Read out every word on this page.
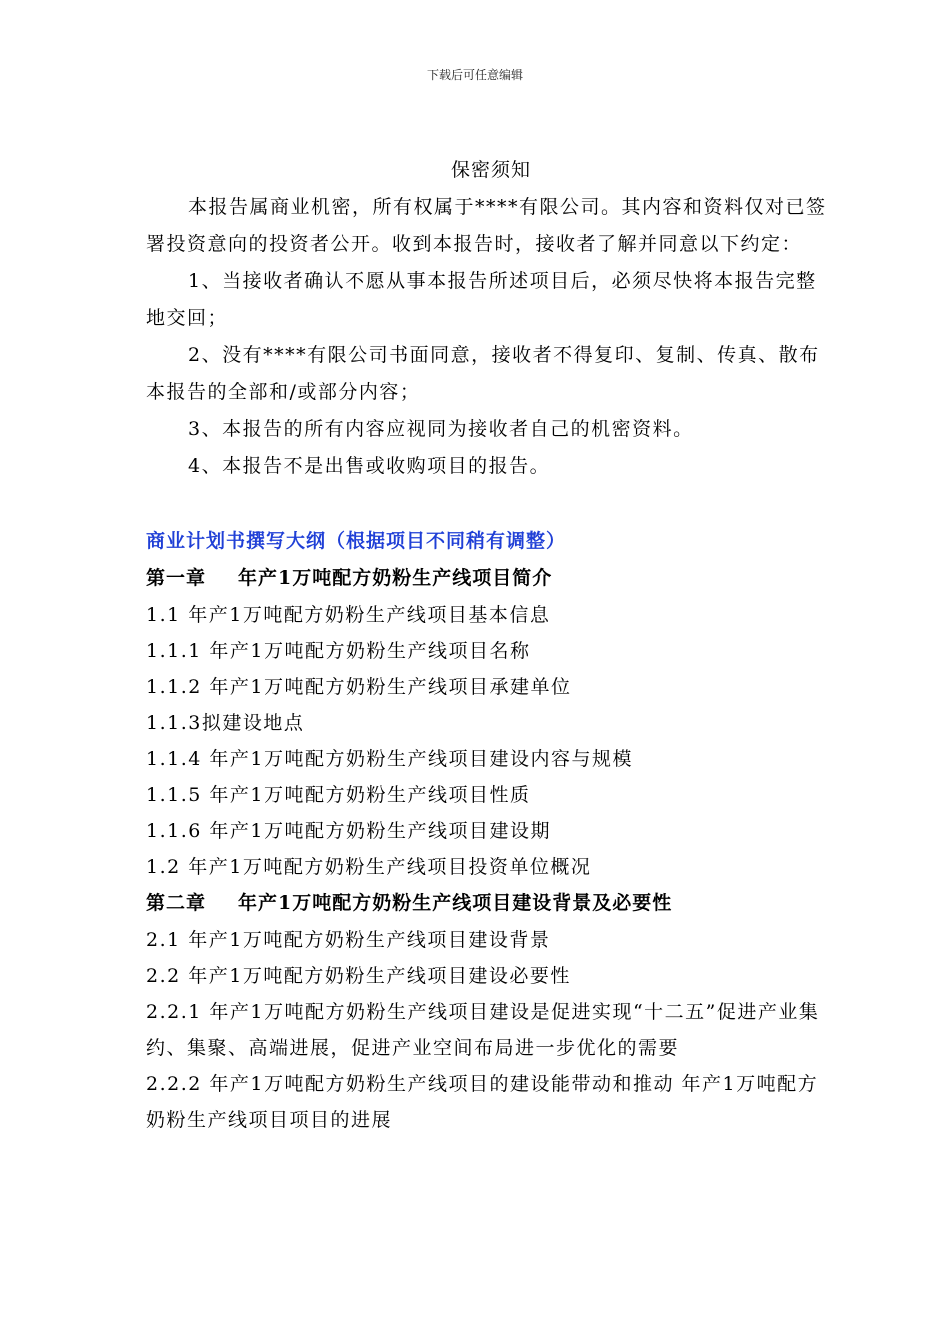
下载后可任意编辑
保密须知

本报告属商业机密，所有权属于****有限公司。其内容和资料仅对已签署投资意向的投资者公开。收到本报告时，接收者了解并同意以下约定：

1、当接收者确认不愿从事本报告所述项目后，必须尽快将本报告完整地交回；

2、没有****有限公司书面同意，接收者不得复印、复制、传真、散布本报告的全部和/或部分内容；

3、本报告的所有内容应视同为接收者自己的机密资料。

4、本报告不是出售或收购项目的报告。

商业计划书撰写大纲（根据项目不同稍有调整）

第一章 年产1万吨配方奶粉生产线项目简介

1.1 年产1万吨配方奶粉生产线项目基本信息

1.1.1 年产1万吨配方奶粉生产线项目名称

1.1.2 年产1万吨配方奶粉生产线项目承建单位

1.1.3拟建设地点

1.1.4 年产1万吨配方奶粉生产线项目建设内容与规模

1.1.5 年产1万吨配方奶粉生产线项目性质

1.1.6 年产1万吨配方奶粉生产线项目建设期

1.2 年产1万吨配方奶粉生产线项目投资单位概况

第二章 年产1万吨配方奶粉生产线项目建设背景及必要性

2.1 年产1万吨配方奶粉生产线项目建设背景

2.2 年产1万吨配方奶粉生产线项目建设必要性

2.2.1 年产1万吨配方奶粉生产线项目建设是促进实现“十二五”促进产业集约、集聚、高端进展，促进产业空间布局进一步优化的需要

2.2.2 年产1万吨配方奶粉生产线项目的建设能带动和推动 年产1万吨配方奶粉生产线项目项目的进展
